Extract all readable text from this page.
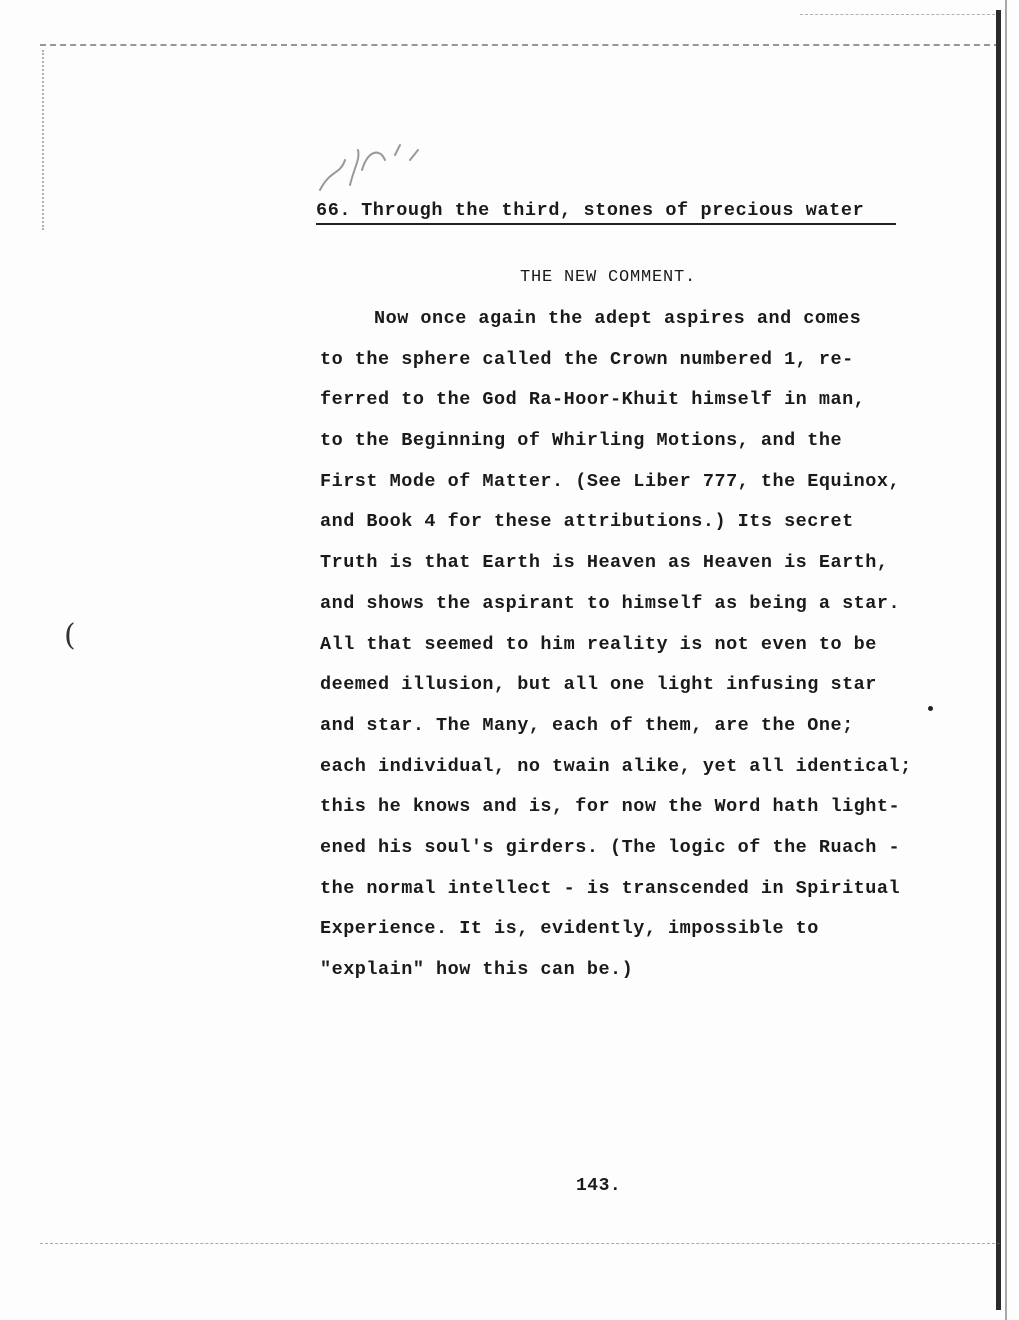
66. Through the third, stones of precious water
THE NEW COMMENT.
Now once again the adept aspires and comes
to the sphere called the Crown numbered 1, re-
ferred to the God Ra-Hoor-Khuit himself in man,
to the Beginning of Whirling Motions, and the
First Mode of Matter. (See Liber 777, the Equinox,
and Book 4 for these attributions.) Its secret
Truth is that Earth is Heaven as Heaven is Earth,
and shows the aspirant to himself as being a star.
All that seemed to him reality is not even to be
deemed illusion, but all one light infusing star
and star. The Many, each of them, are the One;
each individual, no twain alike, yet all identical;
this he knows and is, for now the Word hath light-
ened his soul's girders. (The logic of the Ruach -
the normal intellect - is transcended in Spiritual
Experience. It is, evidently, impossible to
"explain" how this can be.)
(
143.
